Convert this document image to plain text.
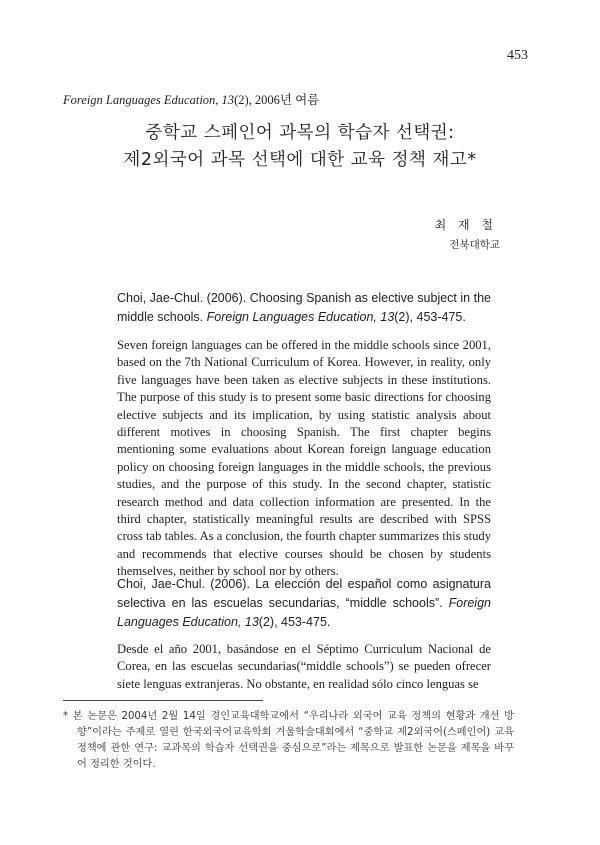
453
Foreign Languages Education, 13(2), 2006년 여름
중학교 스페인어 과목의 학습자 선택권:
제2외국어 과목 선택에 대한 교육 정책 재고*
최 재 철
전북대학교
Choi, Jae-Chul. (2006). Choosing Spanish as elective subject in the middle schools. Foreign Languages Education, 13(2), 453-475.
Seven foreign languages can be offered in the middle schools since 2001, based on the 7th National Curriculum of Korea. However, in reality, only five languages have been taken as elective subjects in these institutions. The purpose of this study is to present some basic directions for choosing elective subjects and its implication, by using statistic analysis about different motives in choosing Spanish. The first chapter begins mentioning some evaluations about Korean foreign language education policy on choosing foreign languages in the middle schools, the previous studies, and the purpose of this study. In the second chapter, statistic research method and data collection information are presented. In the third chapter, statistically meaningful results are described with SPSS cross tab tables. As a conclusion, the fourth chapter summarizes this study and recommends that elective courses should be chosen by students themselves, neither by school nor by others.
Choi, Jae-Chul. (2006). La elección del español como asignatura selectiva en las escuelas secundarias, “middle schools”. Foreign Languages Education, 13(2), 453-475.
Desde el año 2001, basándose en el Séptimo Curriculum Nacional de Corea, en las escuelas secundarias(“middle schools”) se pueden ofrecer siete lenguas extranjeras. No obstante, en realidad sólo cinco lenguas se
* 본 논문은 2004년 2월 14일 경인교육대학교에서 “우리나라 외국어 교육 정책의 현황과 개선 방향”이라는 주제로 열린 한국외국어교육학회 겨울학술대회에서 “중학교 제2외국어(스페인어) 교육 정책에 관한 연구: 교과목의 학습자 선택권을 중심으로”라는 제목으로 발표한 논문을 제목을 바꾸어 정리한 것이다.
